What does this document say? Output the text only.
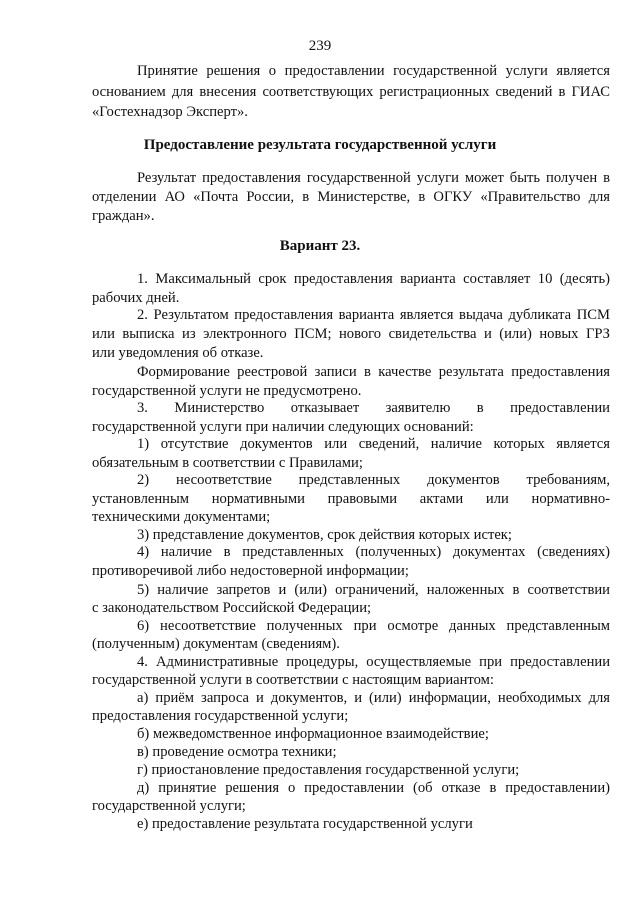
239
Предоставление результата государственной услуги
Вариант 23.
Принятие решения о предоставлении государственной услуги является
основанием для внесения соответствующих регистрационных сведений в ГИАС
«Гостехнадзор Эксперт».
Результат предоставления государственной услуги может быть получен в
отделении АО «Почта России, в Министерстве, в ОГКУ «Правительство для
граждан».
1. Максимальный срок предоставления варианта составляет 10 (десять)
рабочих дней.
2. Результатом предоставления варианта является выдача дубликата ПСМ
или выписка из электронного ПСМ; нового свидетельства и (или) новых ГРЗ
или уведомления об отказе.
Формирование реестровой записи в качестве результата предоставления
государственной услуги не предусмотрено.
3. Министерство отказывает заявителю в предоставлении
государственной услуги при наличии следующих оснований:
1) отсутствие документов или сведений, наличие которых является
обязательным в соответствии с Правилами;
2) несоответствие представленных документов требованиям,
установленным нормативными правовыми актами или нормативно-
техническими документами;
3) представление документов, срок действия которых истек;
4) наличие в представленных (полученных) документах (сведениях)
противоречивой либо недостоверной информации;
5) наличие запретов и (или) ограничений, наложенных в соответствии
с законодательством Российской Федерации;
6) несоответствие полученных при осмотре данных представленным
(полученным) документам (сведениям).
4. Административные процедуры, осуществляемые при предоставлении
государственной услуги в соответствии с настоящим вариантом:
а) приём запроса и документов, и (или) информации, необходимых для
предоставления государственной услуги;
б) межведомственное информационное взаимодействие;
в) проведение осмотра техники;
г) приостановление предоставления государственной услуги;
д) принятие решения о предоставлении (об отказе в предоставлении)
государственной услуги;
е) предоставление результата государственной услуги
